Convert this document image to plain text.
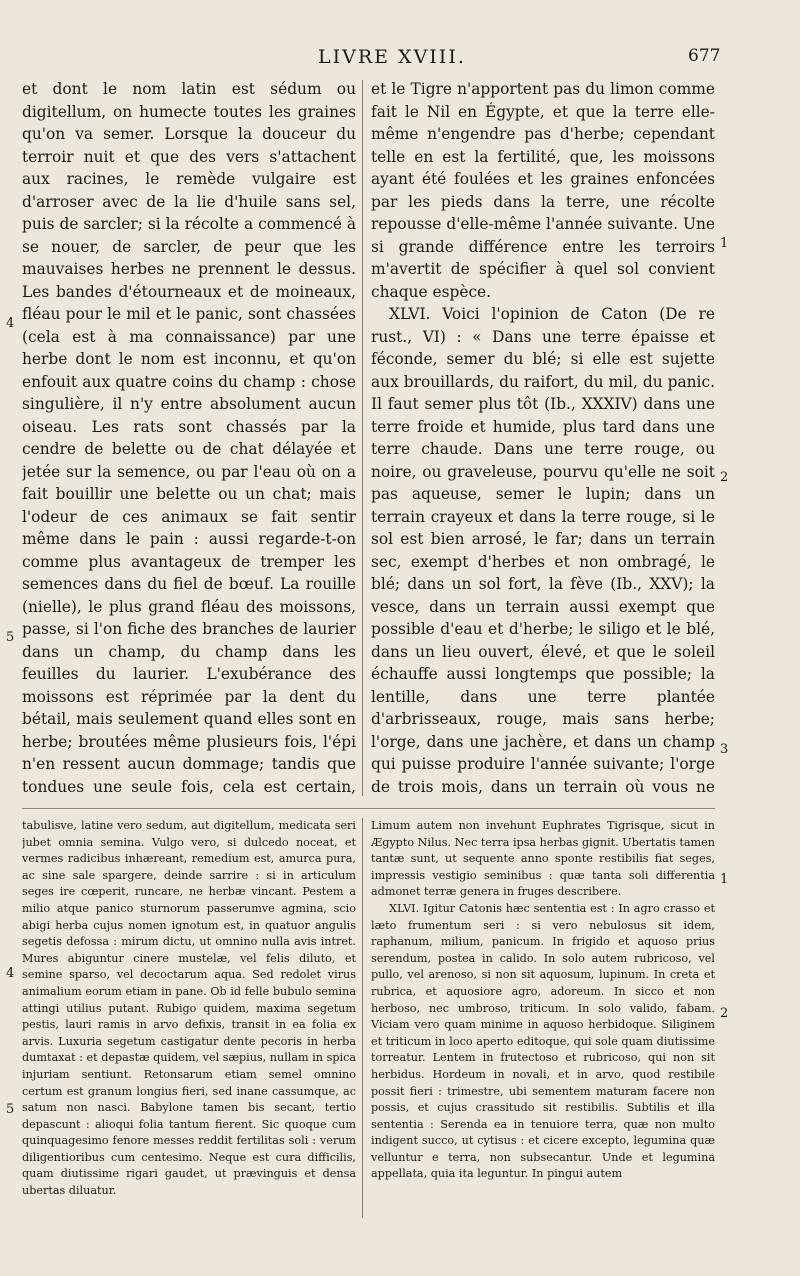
LIVRE XVIII.	677

et dont le nom latin est sédum ou digitellum, on humecte toutes les graines qu'on va semer. Lorsque la douceur du terroir nuit et que des vers s'attachent aux racines, le remède vulgaire est d'arroser avec de la lie d'huile sans sel, puis de sarcler; si la récolte a commencé à se nouer, de sarcler, de peur que les mauvaises herbes ne prennent le dessus. Les bandes d'étourneaux et de moineaux, fléau pour le mil et le panic, sont chassées (cela est à ma connaissance) par une herbe dont le nom est inconnu, et qu'on enfouit aux quatre coins du champ : chose singulière, il n'y entre absolument aucun oiseau. Les rats sont chassés par la cendre de belette ou de chat délayée et jetée sur la semence, ou par l'eau où on a fait bouillir une belette ou un chat; mais l'odeur de ces animaux se fait sentir même dans le pain : aussi regarde-t-on comme plus avantageux de tremper les semences dans du fiel de bœuf. La rouille (nielle), le plus grand fléau des moissons, passe, si l'on fiche des branches de laurier dans un champ, du champ dans les feuilles du laurier. L'exubérance des moissons est réprimée par la dent du bétail, mais seulement quand elles sont en herbe; broutées même plusieurs fois, l'épi n'en ressent aucun dommage; tandis que tondues une seule fois, cela est certain,

et le Tigre n'apportent pas du limon comme fait le Nil en Égypte, et que la terre elle-même n'engendre pas d'herbe; cependant telle en est la fertilité, que, les moissons ayant été foulées et les graines enfoncées par les pieds dans la terre, une récolte repousse d'elle-même l'année suivante. Une si grande différence entre les terroirs m'avertit de spécifier à quel sol convient chaque espèce.

XLVI. Voici l'opinion de Caton (De re rust., VI) : « Dans une terre épaisse et féconde, semer du blé; si elle est sujette aux brouillards, du raifort, du mil, du panic. Il faut semer plus tôt (Ib., XXXIV) dans une terre froide et humide, plus tard dans une terre chaude. Dans une terre rouge, ou noire, ou graveleuse, pourvu qu'elle ne soit pas aqueuse, semer le lupin; dans un terrain crayeux et dans la terre rouge, si le sol est bien arrosé, le far; dans un terrain sec, exempt d'herbes et non ombragé, le blé; dans un sol fort, la fève (Ib., XXV); la vesce, dans un terrain aussi exempt que possible d'eau et d'herbe; le siligo et le blé, dans un lieu ouvert, élevé, et que le soleil échauffe aussi longtemps que possible; la lentille, dans une terre plantée d'arbrisseaux, rouge, mais sans herbe; l'orge, dans une jachère, et dans un champ qui puisse produire l'année suivante; l'orge de trois mois, dans un terrain où vous ne

tabulisve, latine vero sedum, aut digitellum, medicata seri jubet omnia semina. Vulgo vero, si dulcedo noceat, et vermes radicibus inhæreant, remedium est, amurca pura, ac sine sale spargere, deinde sarrire : si in articulum seges ire cœperit, runcare, ne herbæ vincant. Pestem a milio atque panico sturnorum passerumve agmina, scio abigi herba cujus nomen ignotum est, in quatuor angulis segetis defossa : mirum dictu, ut omnino nulla avis intret. Mures abiguntur cinere mustelæ, vel felis diluto, et semine sparso, vel decoctarum aqua. Sed redolet virus animalium eorum etiam in pane. Ob id felle bubulo semina attingi utilius putant. Rubigo quidem, maxima segetum pestis, lauri ramis in arvo defixis, transit in ea folia ex arvis. Luxuria segetum castigatur dente pecoris in herba dumtaxat : et depastæ quidem, vel sæpius, nullam in spica injuriam sentiunt. Retonsarum etiam semel omnino certum est granum longius fieri, sed inane cassumque, ac satum non nasci. Babylone tamen bis secant, tertio depascunt : alioqui folia tantum fierent. Sic quoque cum quinquagesimo fenore messes reddit fertilitas soli : verum diligentioribus cum centesimo. Neque est cura difficilis, quam diutissime rigari gaudet, ut prævinguis et densa ubertas diluatur.

Limum autem non invehunt Euphrates Tigrisque, sicut in Ægypto Nilus. Nec terra ipsa herbas gignit. Ubertatis tamen tantæ sunt, ut sequente anno sponte restibilis fiat seges, impressis vestigio seminibus : quæ tanta soli differentia admonet terræ genera in fruges describere.

XLVI. Igitur Catonis hæc sententia est : In agro crasso et læto frumentum seri : si vero nebulosus sit idem, raphanum, milium, panicum. In frigido et aquoso prius serendum, postea in calido. In solo autem rubricoso, vel pullo, vel arenoso, si non sit aquosum, lupinum. In creta et rubrica, et aquosiore agro, adoreum. In sicco et non herboso, nec umbroso, triticum. In solo valido, fabam. Viciam vero quam minime in aquoso herbidoque. Siliginem et triticum in loco aperto editoque, qui sole quam diutissime torreatur. Lentem in frutectoso et rubricoso, qui non sit herbidus. Hordeum in novali, et in arvo, quod restibile possit fieri : trimestre, ubi sementem maturam facere non possis, et cujus crassitudo sit restibilis. Subtilis et illa sententia : Serenda ea in tenuiore terra, quæ non multo indigent succo, ut cytisus : et cicere excepto, legumina quæ velluntur e terra, non subsecantur. Unde et legumina appellata, quia ita leguntur. In pingui autem

4
5
1
2
3
4
5
1
2
